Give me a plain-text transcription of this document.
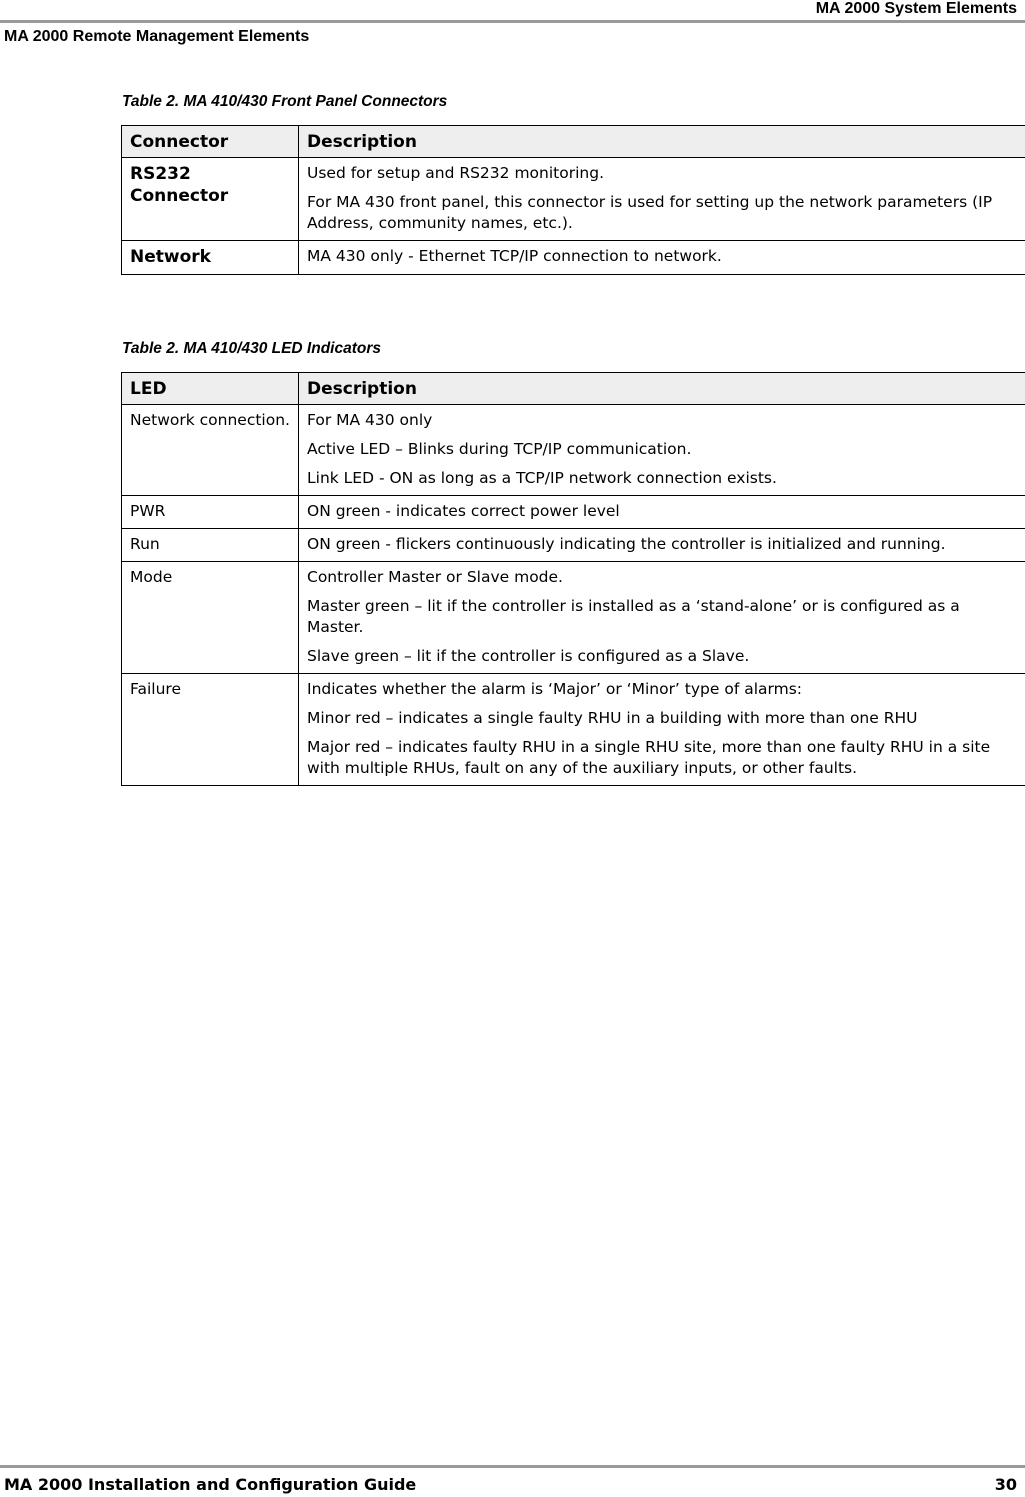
MA 2000 System Elements
MA 2000 Remote Management Elements
Table 2. MA 410/430 Front Panel Connectors
Connector	Description
RS232 Connector	Used for setup and RS232 monitoring.

For MA 430 front panel, this connector is used for setting up the network parameters (IP Address, community names, etc.).

Network	MA 430 only - Ethernet TCP/IP connection to network.

Table 2. MA 410/430 LED Indicators
LED	Description
Network connection.	For MA 430 only

Active LED – Blinks during TCP/IP communication.

Link LED - ON as long as a TCP/IP network connection exists.

PWR	ON green - indicates correct power level

Run	ON green - flickers continuously indicating the controller is initialized and running.

Mode	Controller Master or Slave mode.

Master green – lit if the controller is installed as a ‘stand-alone’ or is configured as a Master.

Slave green – lit if the controller is configured as a Slave.

Failure	Indicates whether the alarm is ‘Major’ or ‘Minor’ type of alarms:

Minor red – indicates a single faulty RHU in a building with more than one RHU

Major red – indicates faulty RHU in a single RHU site, more than one faulty RHU in a site with multiple RHUs, fault on any of the auxiliary inputs, or other faults.

MA 2000 Installation and Configuration Guide	30
